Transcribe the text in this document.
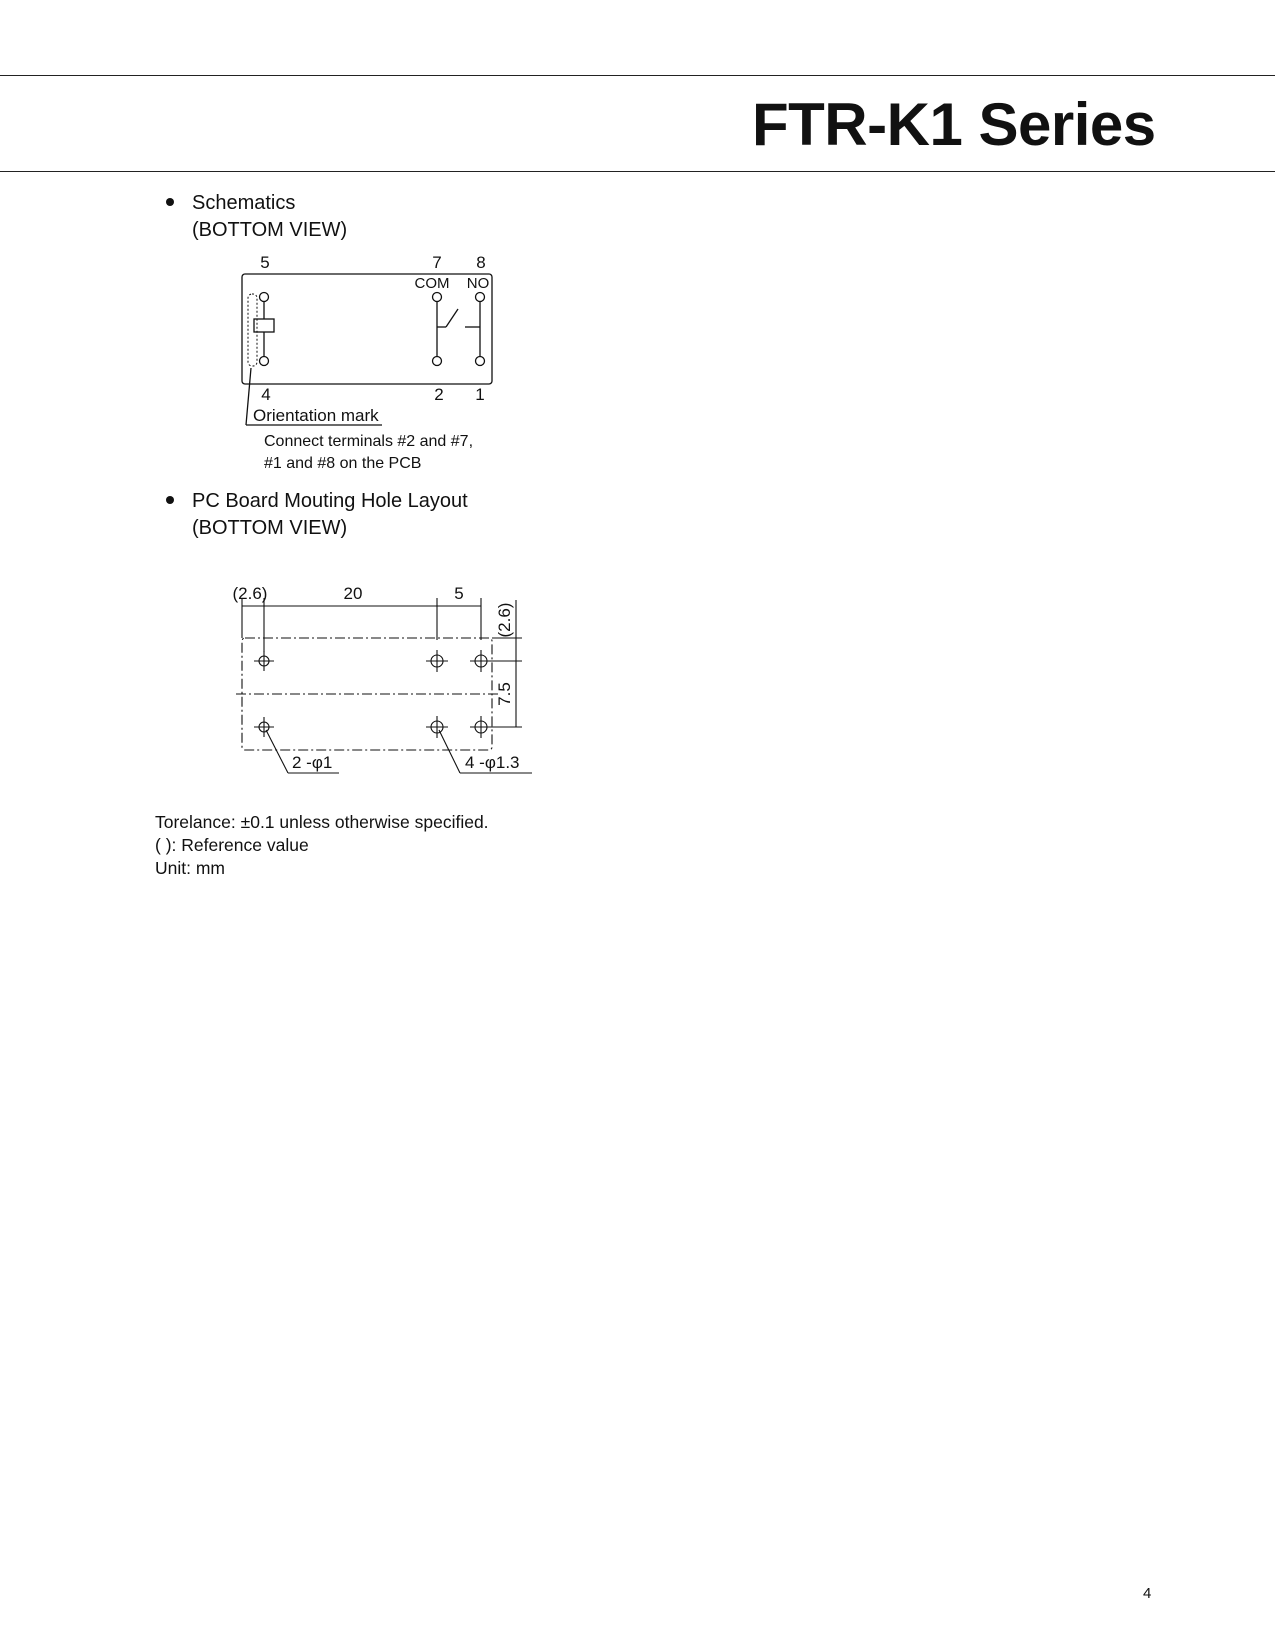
FTR-K1 Series
Schematics
(BOTTOM VIEW)
5	7 8
COM NO
4	2 1
Orientation mark
Connect terminals #2 and #7,
#1 and #8 on the PCB
PC Board Mouting Hole Layout
(BOTTOM VIEW)
(2.6)	20	5
(2.6)
7.5
2 -φ1	4 -φ1.3
Torelance: ±0.1 unless otherwise specified.
( ): Reference value
Unit: mm
4
